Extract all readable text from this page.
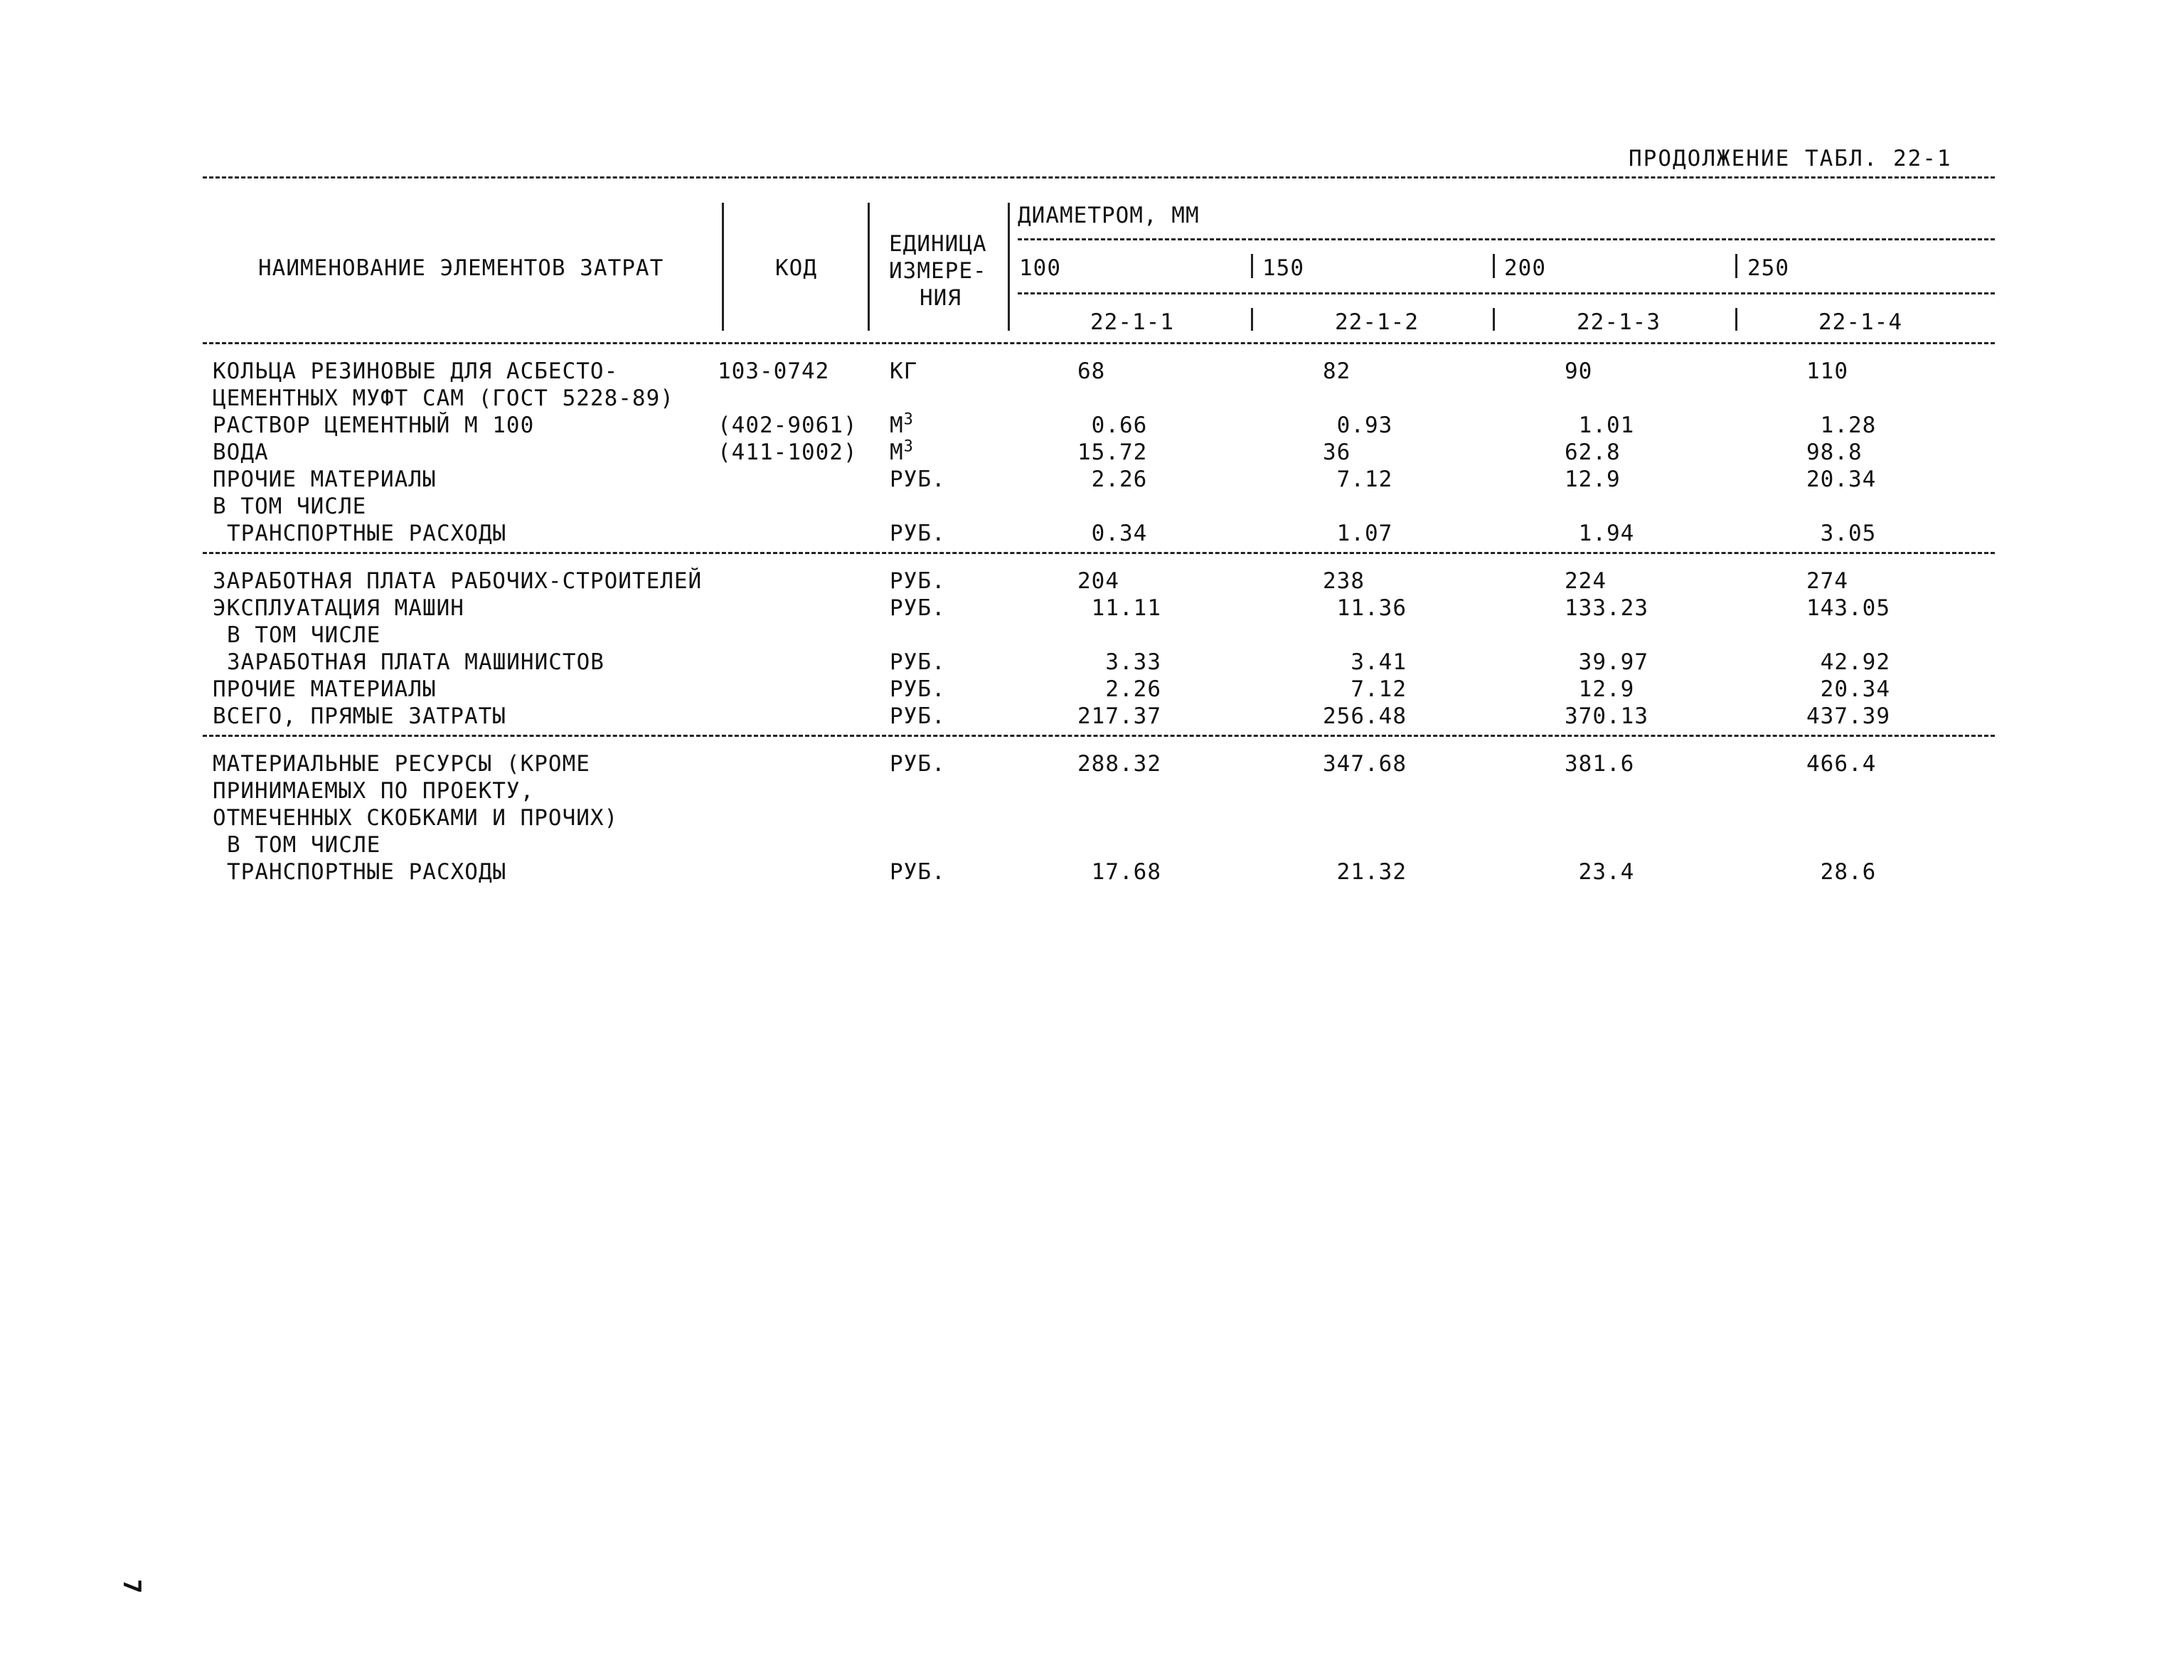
ПРОДОЛЖЕНИЕ ТАБЛ. 22-1
НАИМЕНОВАНИЕ ЭЛЕМЕНТОВ ЗАТРАТ	КОД
ЕДИНИЦА
ИЗМЕРЕ-
НИЯ
ДИАМЕТРОМ, ММ
100	150	200	250
22-1-1	22-1-2	22-1-3	22-1-4
КОЛЬЦА РЕЗИНОВЫЕ ДЛЯ АСБЕСТО-	103-0742	КГ	68	82	90	110
ЦЕМЕНТНЫХ МУФТ САМ (ГОСТ 5228-89)
РАСТВОР ЦЕМЕНТНЫЙ М 100	(402-9061) $М^3$	0.66	0.93	1.01	1.28
ВОДА	(411-1002) $М^3$	15.72	36	62.8	98.8
ПРОЧИЕ МАТЕРИАЛЫ	РУБ.	2.26	7.12	12.9	20.34
В ТОМ ЧИСЛЕ
ТРАНСПОРТНЫЕ РАСХОДЫ	РУБ.	0.34	1.07	1.94	3.05
ЗАРАБОТНАЯ ПЛАТА РАБОЧИХ-СТРОИТЕЛЕЙ	РУБ.	204	238	224	274
ЭКСПЛУАТАЦИЯ МАШИН	РУБ.	11.11	11.36	133.23	143.05
В ТОМ ЧИСЛЕ
ЗАРАБОТНАЯ ПЛАТА МАШИНИСТОВ	РУБ.	3.33	3.41	39.97	42.92
ПРОЧИЕ МАТЕРИАЛЫ	РУБ.	2.26	7.12	12.9	20.34
ВСЕГО, ПРЯМЫЕ ЗАТРАТЫ	РУБ.	217.37	256.48	370.13	437.39
МАТЕРИАЛЬНЫЕ РЕСУРСЫ (КРОМЕ	РУБ.	288.32	347.68	381.6	466.4
ПРИНИМАЕМЫХ ПО ПРОЕКТУ,
ОТМЕЧЕННЫХ СКОБКАМИ И ПРОЧИХ)
В ТОМ ЧИСЛЕ
ТРАНСПОРТНЫЕ РАСХОДЫ	РУБ.	17.68	21.32	23.4	28.6
7
